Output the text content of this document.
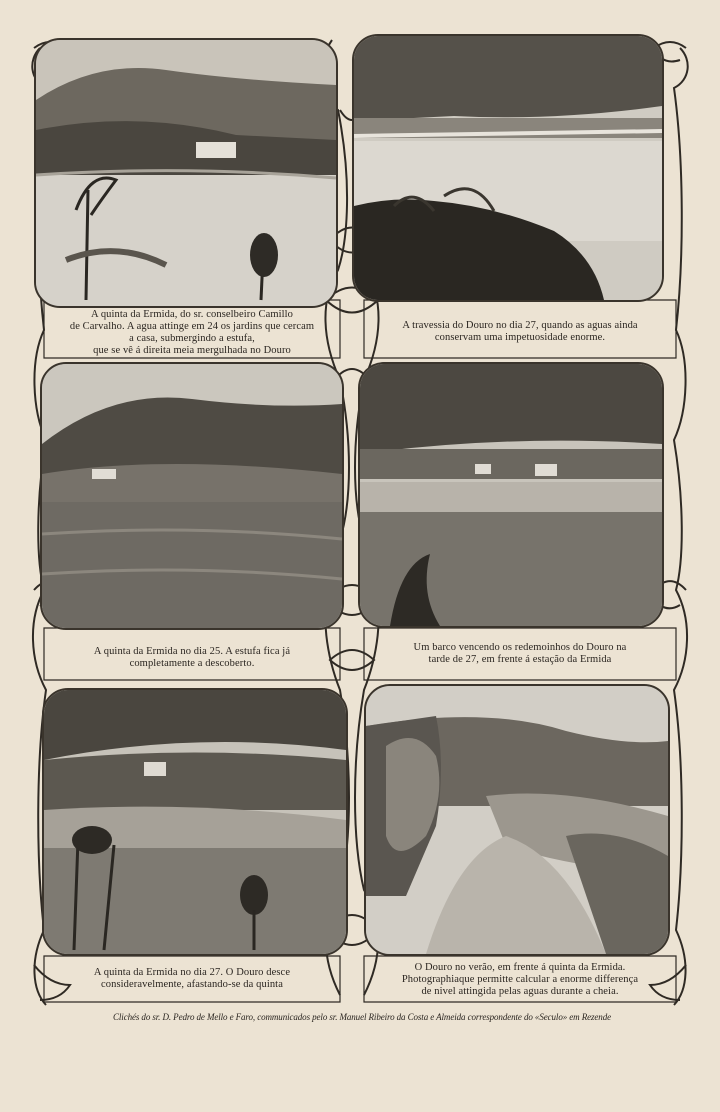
A quinta da Ermida, do sr. conselbeiro Camillo
de Carvalho. A agua attinge em 24 os jardins que cercam
a casa, submergindo a estufa,
que se vê á direita meia mergulhada no Douro
A travessia do Douro no dia 27, quando as aguas ainda
conservam uma impetuosidade enorme.
A quinta da Ermida no dia 25. A estufa fica já
completamente a descoberto.
Um barco vencendo os redemoinhos do Douro na
tarde de 27, em frente á estação da Ermida
A quinta da Ermida no dia 27. O Douro desce
consideravelmente, afastando-se da quinta
O Douro no verão, em frente á quinta da Ermida.
Photographiaque permitte calcular a enorme differença
de nivel attingida pelas aguas durante a cheia.
Clichés do sr. D. Pedro de Mello e Faro, communicados pelo sr. Manuel Ribeiro da Costa e Almeida correspondente do «Seculo» em Rezende
